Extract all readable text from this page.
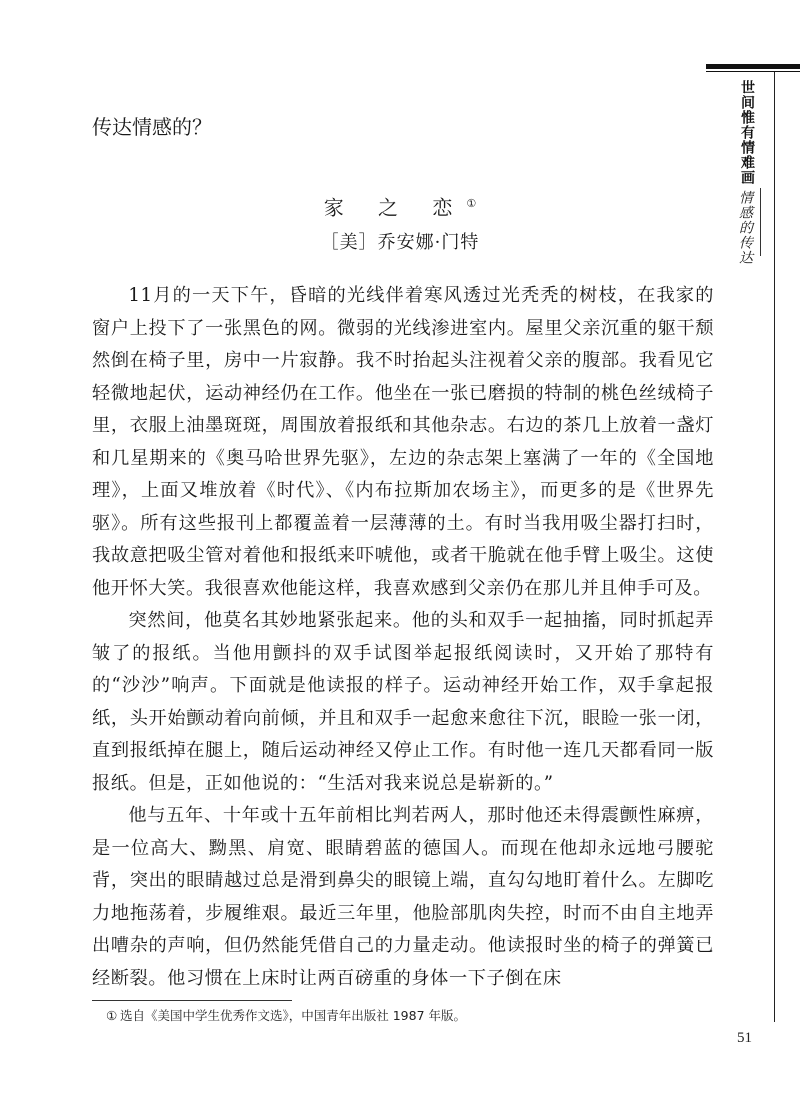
世间惟有情难画
情感的传达
传达情感的？
家 之 恋①
［美］乔安娜·门特

11月的一天下午，昏暗的光线伴着寒风透过光秃秃的树枝，在我家的窗户上投下了一张黑色的网。微弱的光线渗进室内。屋里父亲沉重的躯干颓然倒在椅子里，房中一片寂静。我不时抬起头注视着父亲的腹部。我看见它轻微地起伏，运动神经仍在工作。他坐在一张已磨损的特制的桃色丝绒椅子里，衣服上油墨斑斑，周围放着报纸和其他杂志。右边的茶几上放着一盏灯和几星期来的《奥马哈世界先驱》，左边的杂志架上塞满了一年的《全国地理》，上面又堆放着《时代》、《内布拉斯加农场主》，而更多的是《世界先驱》。所有这些报刊上都覆盖着一层薄薄的土。有时当我用吸尘器打扫时，我故意把吸尘管对着他和报纸来吓唬他，或者干脆就在他手臂上吸尘。这使他开怀大笑。我很喜欢他能这样，我喜欢感到父亲仍在那儿并且伸手可及。

突然间，他莫名其妙地紧张起来。他的头和双手一起抽搐，同时抓起弄皱了的报纸。当他用颤抖的双手试图举起报纸阅读时，又开始了那特有的“沙沙”响声。下面就是他读报的样子。运动神经开始工作，双手拿起报纸，头开始颤动着向前倾，并且和双手一起愈来愈往下沉，眼睑一张一闭，直到报纸掉在腿上，随后运动神经又停止工作。有时他一连几天都看同一版报纸。但是，正如他说的：“生活对我来说总是崭新的。”

他与五年、十年或十五年前相比判若两人，那时他还未得震颤性麻痹，是一位高大、黝黑、肩宽、眼睛碧蓝的德国人。而现在他却永远地弓腰驼背，突出的眼睛越过总是滑到鼻尖的眼镜上端，直勾勾地盯着什么。左脚吃力地拖荡着，步履维艰。最近三年里，他脸部肌肉失控，时而不由自主地弄出嘈杂的声响，但仍然能凭借自己的力量走动。他读报时坐的椅子的弹簧已经断裂。他习惯在上床时让两百磅重的身体一下子倒在床

① 选自《美国中学生优秀作文选》，中国青年出版社 1987 年版。
51
